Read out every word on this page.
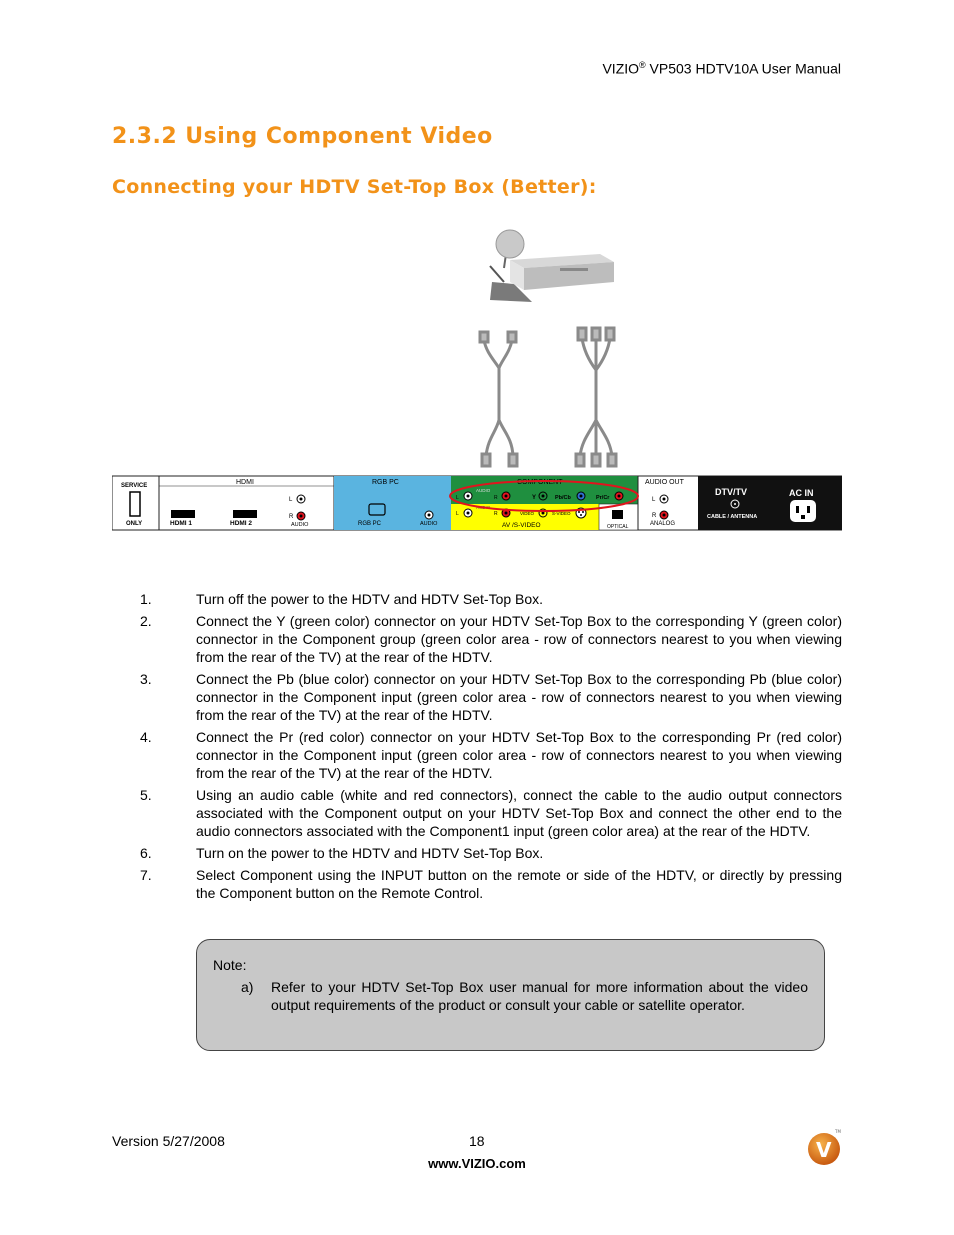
VIZIO® VP503 HDTV10A User Manual
2.3.2 Using Component Video
Connecting your HDTV Set-Top Box (Better):
SERVICE
ONLY
HDMI
HDMI 1	HDMI 2
L
R
AUDIO
RGB PC
RGB PC	AUDIO
COMPONENT
AUDIO
L	R	Y	Pb/Cb	Pr/Cr
AUDIO
L	R	VIDEO	S-VIDEO
AV /S-VIDEO	OPTICAL
AUDIO OUT
L
R
ANALOG
DTV/TV
CABLE / ANTENNA
AC IN
1.	Turn off the power to the HDTV and HDTV Set-Top Box.
2.	Connect the Y (green color) connector on your HDTV Set-Top Box to the corresponding Y (green color) connector in the Component group (green color area - row of connectors nearest to you when viewing from the rear of the TV) at the rear of the HDTV.
3.	Connect the Pb (blue color) connector on your HDTV Set-Top Box to the corresponding Pb (blue color) connector in the Component input (green color area - row of connectors nearest to you when viewing from the rear of the TV) at the rear of the HDTV.
4.	Connect the Pr (red color) connector on your HDTV Set-Top Box to the corresponding Pr (red color) connector in the Component input (green color area - row of connectors nearest to you when viewing from the rear of the TV) at the rear of the HDTV.
5.	Using an audio cable (white and red connectors), connect the cable to the audio output connectors associated with the Component output on your HDTV Set-Top Box and connect the other end to the audio connectors associated with the Component1 input (green color area) at the rear of the HDTV.
6.	Turn on the power to the HDTV and HDTV Set-Top Box.
7.	Select Component using the INPUT button on the remote or side of the HDTV, or directly by pressing the Component button on the Remote Control.
Note:
a)	Refer to your HDTV Set-Top Box user manual for more information about the video output requirements of the product or consult your cable or satellite operator.
Version 5/27/2008	18
www.VIZIO.com
V
TM
